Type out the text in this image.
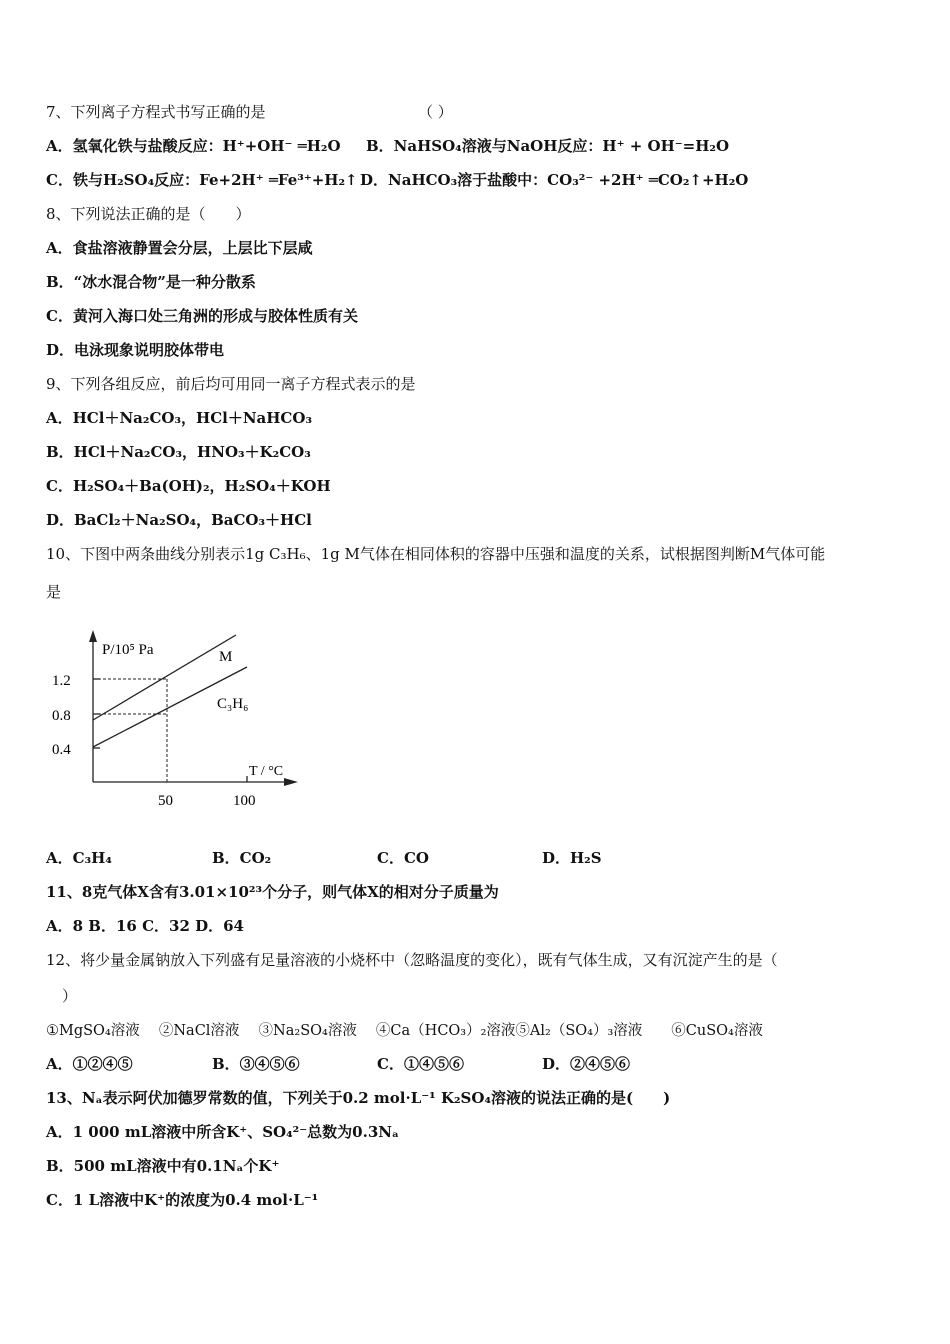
7、下列离子方程式书写正确的是	（ ）
A．氢氧化铁与盐酸反应：H⁺+OH⁻ ═H₂O B．NaHSO₄溶液与NaOH反应：H⁺ + OH⁻=H₂O
C．铁与H₂SO₄反应：Fe+2H⁺ ═Fe³⁺+H₂↑ D．NaHCO₃溶于盐酸中：CO₃²⁻ +2H⁺ ═CO₂↑+H₂O
8、下列说法正确的是（　　）
A．食盐溶液静置会分层，上层比下层咸
B．“冰水混合物”是一种分散系
C．黄河入海口处三角洲的形成与胶体性质有关
D．电泳现象说明胶体带电
9、下列各组反应，前后均可用同一离子方程式表示的是
A．HCl＋Na₂CO₃，HCl＋NaHCO₃
B．HCl＋Na₂CO₃，HNO₃＋K₂CO₃
C．H₂SO₄＋Ba(OH)₂，H₂SO₄＋KOH
D．BaCl₂＋Na₂SO₄，BaCO₃＋HCl
10、下图中两条曲线分别表示1g C₃H₆、1g M气体在相同体积的容器中压强和温度的关系，试根据图判断M气体可能
是
P/10⁵ Pa	M
C₃H₆
1.2
0.8
0.4
T / °C
50	100
A．C₃H₄	B．CO₂	C．CO	D．H₂S
11、8克气体X含有3.01×10²³个分子，则气体X的相对分子质量为
A．8 B．16 C．32 D．64
12、将少量金属钠放入下列盛有足量溶液的小烧杯中（忽略温度的变化），既有气体生成，又有沉淀产生的是（
）
①MgSO₄溶液　 ②NaCl溶液　 ③Na₂SO₄溶液　 ④Ca（HCO₃）₂溶液⑤Al₂（SO₄）₃溶液　　⑥CuSO₄溶液
A．①②④⑤	B．③④⑤⑥	C．①④⑤⑥	D．②④⑤⑥
13、Nₐ表示阿伏加德罗常数的值，下列关于0.2 mol·L⁻¹ K₂SO₄溶液的说法正确的是(　　)
A．1 000 mL溶液中所含K⁺、SO₄²⁻总数为0.3Nₐ
B．500 mL溶液中有0.1Nₐ个K⁺
C．1 L溶液中K⁺的浓度为0.4 mol·L⁻¹
